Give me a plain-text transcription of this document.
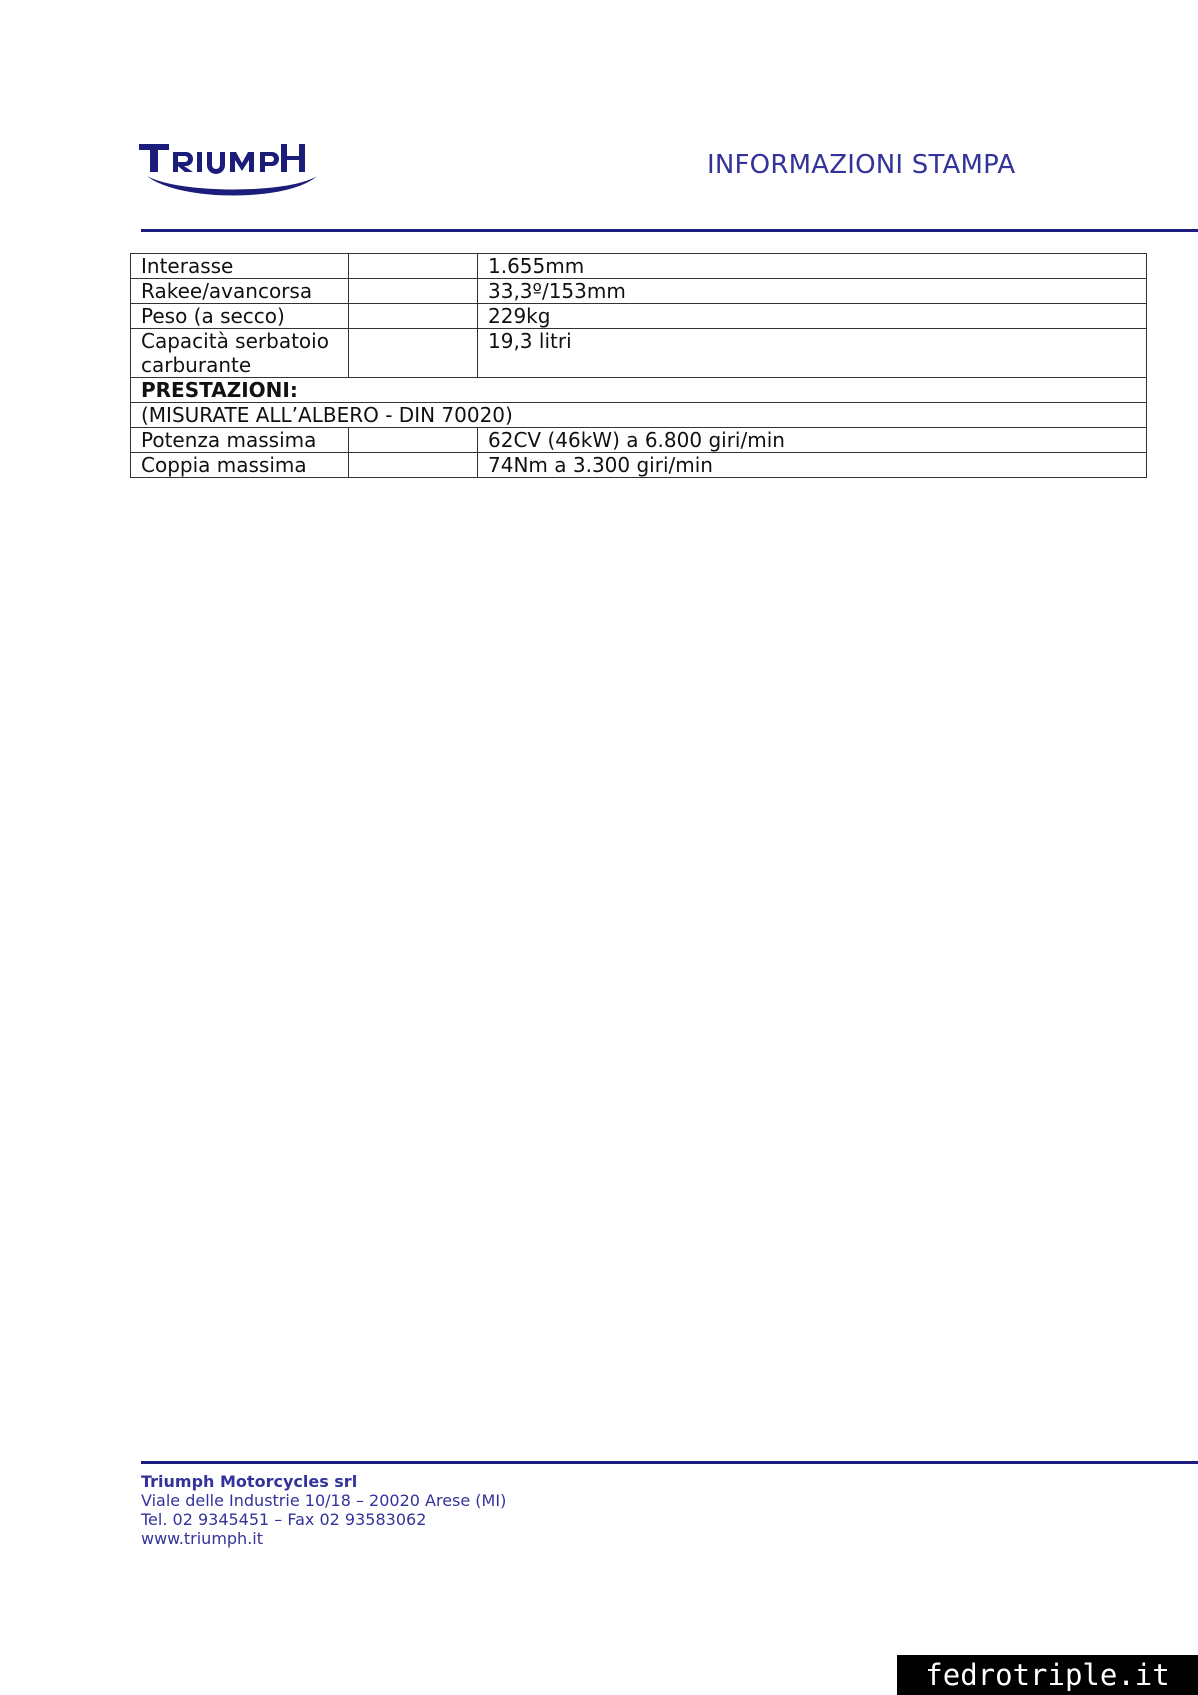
INFORMAZIONI STAMPA
Interasse		1.655mm
Rakee/avancorsa		33,3º/153mm
Peso (a secco)		229kg
Capacità serbatoio carburante		19,3 litri
PRESTAZIONI:		
(MISURATE ALL’ALBERO - DIN 70020)		
Potenza massima		62CV (46kW) a 6.800 giri/min
Coppia massima		74Nm a 3.300 giri/min
Triumph Motorcycles srl
Viale delle Industrie 10/18 – 20020 Arese (MI)
Tel. 02 9345451 – Fax 02 93583062
www.triumph.it
fedrotriple.it
